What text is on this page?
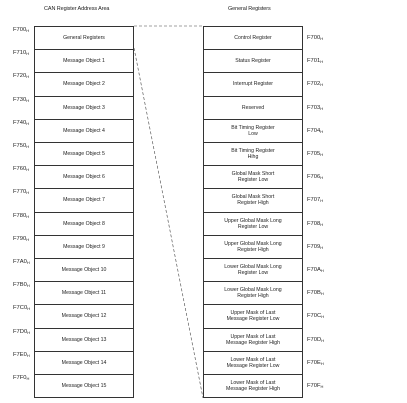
CAN Register Address Area	General Registers
General Registers
$F700_H$
Message Object 1
$F710_H$
Message Object 2
$F720_H$
Message Object 3
$F730_H$
Message Object 4
$F740_H$
Message Object 5
$F750_H$
Message Object 6
$F760_H$
Message Object 7
$F770_H$
Message Object 8
$F780_H$
Message Object 9
$F790_H$
Message Object 10
$F7A0_H$
Message Object 11
$F7B0_H$
Message Object 12
$F7C0_H$
Message Object 13
$F7D0_H$
Message Object 14
$F7E0_H$
Message Object 15
$F7F0_H$
Control Register	$F700_H$
Status Register	$F701_H$
Interrupt Register	$F702_H$
Reserved	$F703_H$
Bit Timing Register
Low
$F704_H$
Bit Timing Register
Hihg
$F705_H$
Global Mask Short
Register Low
$F706_H$
Global Mask Short
Register High
$F707_H$
Upper Global Mask Long
Register Low
$F708_H$
Upper Global Mask Long
Register High
$F709_H$
Lower Global Mask Long
Register Low
$F70A_H$
Lower Global Mask Long
Register High
$F70B_H$
Upper Mask of Last
Message Register Low
$F70C_H$
Upper Mask of Last
Message Register High
$F70D_H$
Lower Mask of Last
Message Register Low
$F70E_H$
Lower Mask of Last
Message Register High
$F70F_H$
